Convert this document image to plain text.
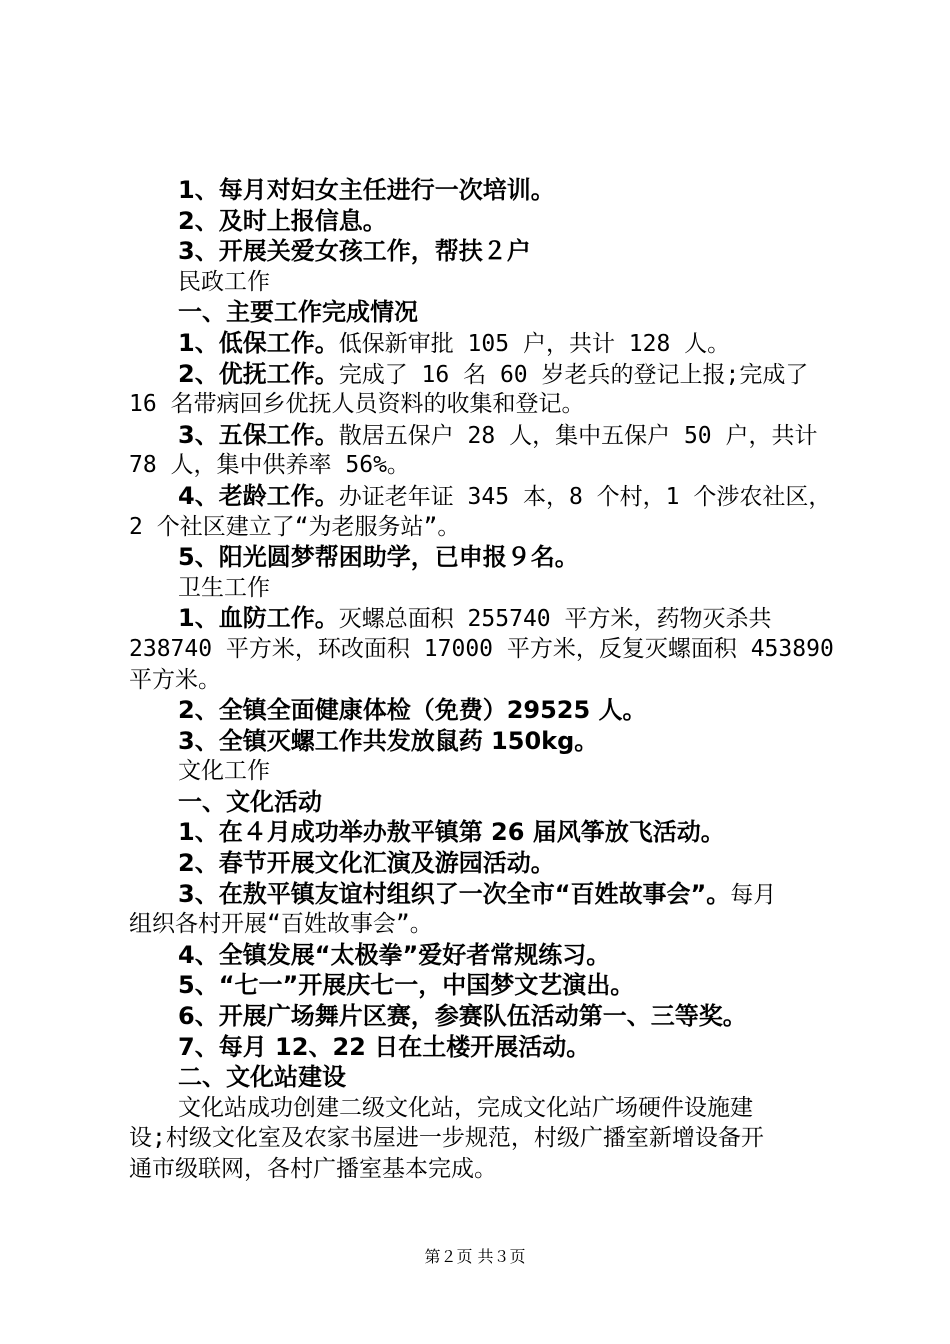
1、每月对妇女主任进行一次培训。
2、及时上报信息。
3、开展关爱女孩工作，帮扶２户
民政工作
一、主要工作完成情况
1、低保工作。低保新审批 105 户，共计 128 人。
2、优抚工作。完成了 16 名 60 岁老兵的登记上报;完成了
16 名带病回乡优抚人员资料的收集和登记。
3、五保工作。散居五保户 28 人，集中五保户 50 户，共计
78 人，集中供养率 56%。
4、老龄工作。办证老年证 345 本，8 个村，1 个涉农社区，
2 个社区建立了“为老服务站”。
5、阳光圆梦帮困助学，已申报９名。
卫生工作
1、血防工作。灭螺总面积 255740 平方米，药物灭杀共
238740 平方米，环改面积 17000 平方米，反复灭螺面积 453890
平方米。
2、全镇全面健康体检（免费）29525 人。
3、全镇灭螺工作共发放鼠药 150kg。
文化工作
一、文化活动
1、在４月成功举办敖平镇第 26 届风筝放飞活动。
2、春节开展文化汇演及游园活动。
3、在敖平镇友谊村组织了一次全市“百姓故事会”。每月
组织各村开展“百姓故事会”。
4、全镇发展“太极拳”爱好者常规练习。
5、“七一”开展庆七一，中国梦文艺演出。
6、开展广场舞片区赛，参赛队伍活动第一、三等奖。
7、每月 12、22 日在土楼开展活动。
二、文化站建设
文化站成功创建二级文化站，完成文化站广场硬件设施建
设;村级文化室及农家书屋进一步规范，村级广播室新增设备开
通市级联网，各村广播室基本完成。
第２页 共３页
